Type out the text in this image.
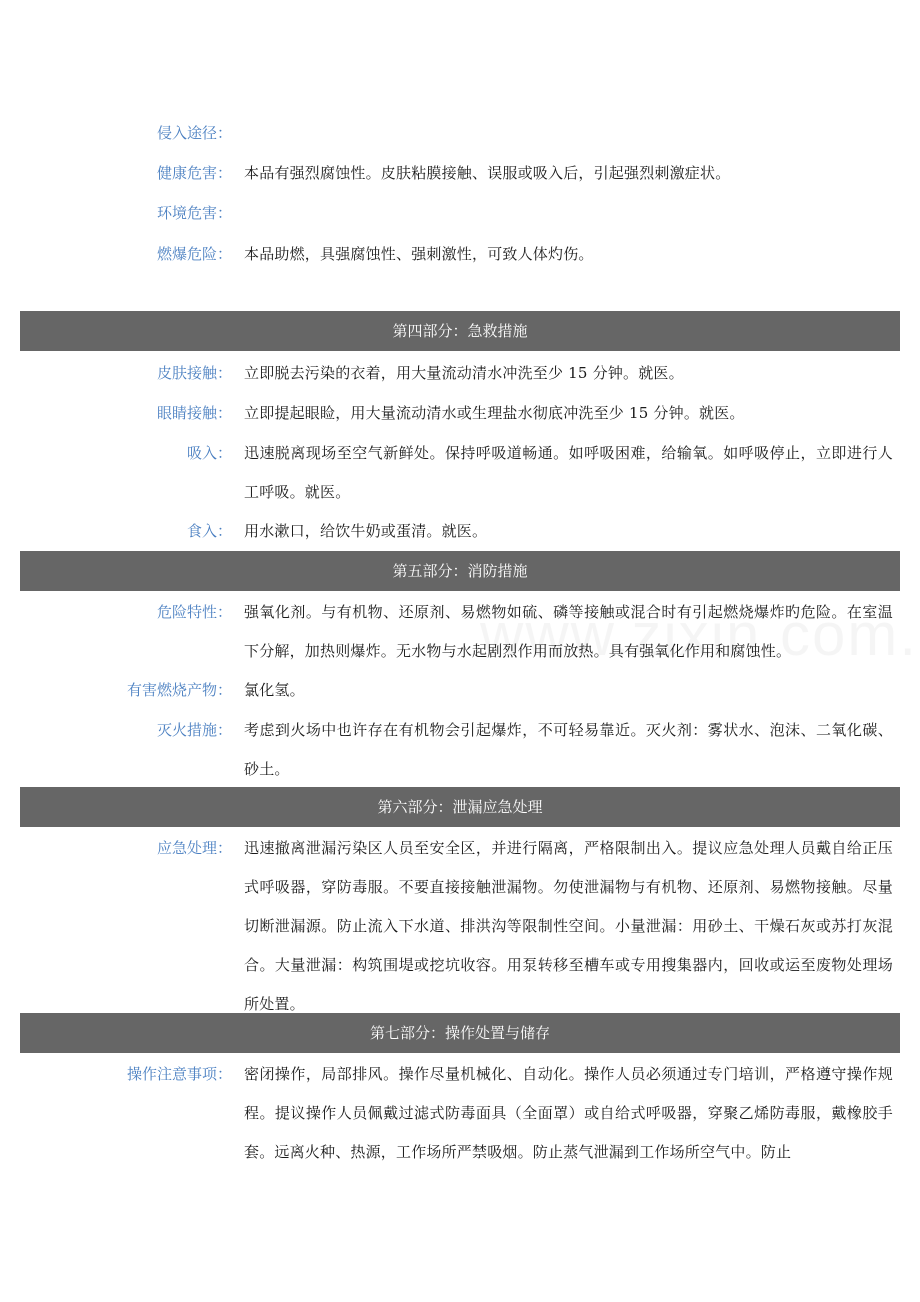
侵入途径：
健康危害： 本品有强烈腐蚀性。皮肤粘膜接触、误服或吸入后，引起强烈刺激症状。
环境危害：
燃爆危险： 本品助燃，具强腐蚀性、强刺激性，可致人体灼伤。
第四部分：急救措施
皮肤接触： 立即脱去污染的衣着，用大量流动清水冲洗至少 15 分钟。就医。
眼睛接触： 立即提起眼睑，用大量流动清水或生理盐水彻底冲洗至少 15 分钟。就医。
吸入： 迅速脱离现场至空气新鲜处。保持呼吸道畅通。如呼吸困难，给输氧。如呼吸停止，立即进行人工呼吸。就医。
食入： 用水漱口，给饮牛奶或蛋清。就医。
第五部分：消防措施
危险特性： 强氧化剂。与有机物、还原剂、易燃物如硫、磷等接触或混合时有引起燃烧爆炸旳危险。在室温下分解，加热则爆炸。无水物与水起剧烈作用而放热。具有强氧化作用和腐蚀性。
有害燃烧产物： 氯化氢。
灭火措施： 考虑到火场中也许存在有机物会引起爆炸，不可轻易靠近。灭火剂：雾状水、泡沫、二氧化碳、砂土。
第六部分：泄漏应急处理
应急处理： 迅速撤离泄漏污染区人员至安全区，并进行隔离，严格限制出入。提议应急处理人员戴自给正压式呼吸器，穿防毒服。不要直接接触泄漏物。勿使泄漏物与有机物、还原剂、易燃物接触。尽量切断泄漏源。防止流入下水道、排洪沟等限制性空间。小量泄漏：用砂土、干燥石灰或苏打灰混合。大量泄漏：构筑围堤或挖坑收容。用泵转移至槽车或专用搜集器内，回收或运至废物处理场所处置。
第七部分：操作处置与储存
操作注意事项： 密闭操作，局部排风。操作尽量机械化、自动化。操作人员必须通过专门培训，严格遵守操作规程。提议操作人员佩戴过滤式防毒面具（全面罩）或自给式呼吸器，穿聚乙烯防毒服，戴橡胶手套。远离火种、热源，工作场所严禁吸烟。防止蒸气泄漏到工作场所空气中。防止
